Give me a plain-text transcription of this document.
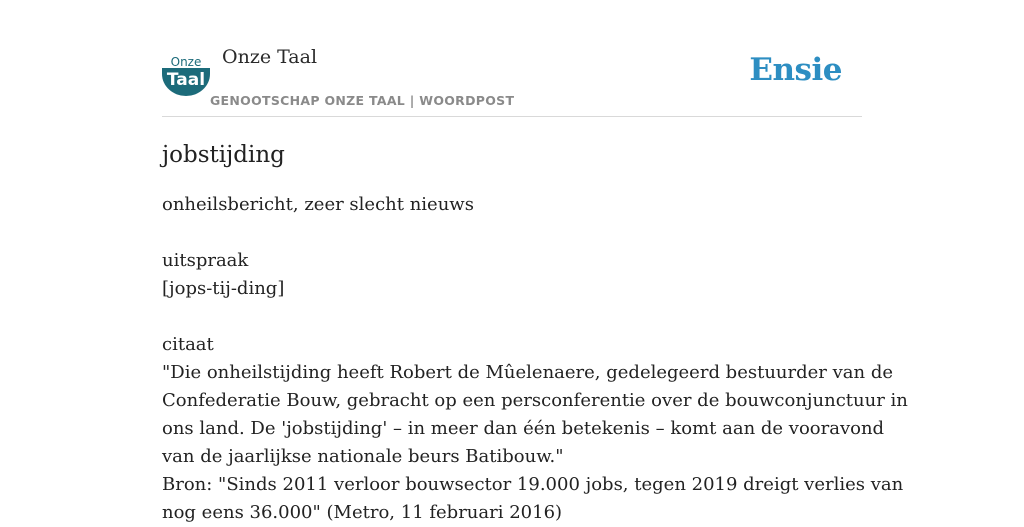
Onze
Taal
Onze Taal
GENOOTSCHAP ONZE TAAL | WOORDPOST
Ensie
jobstijding
onheilsbericht, zeer slecht nieuws
uitspraak
[jops-tij-ding]
citaat
"Die onheilstijding heeft Robert de Mûelenaere, gedelegeerd bestuurder van de
Confederatie Bouw, gebracht op een persconferentie over de bouwconjunctuur in
ons land. De 'jobstijding' – in meer dan één betekenis – komt aan de vooravond
van de jaarlijkse nationale beurs Batibouw."
Bron: "Sinds 2011 verloor bouwsector 19.000 jobs, tegen 2019 dreigt verlies van
nog eens 36.000" (Metro, 11 februari 2016)
